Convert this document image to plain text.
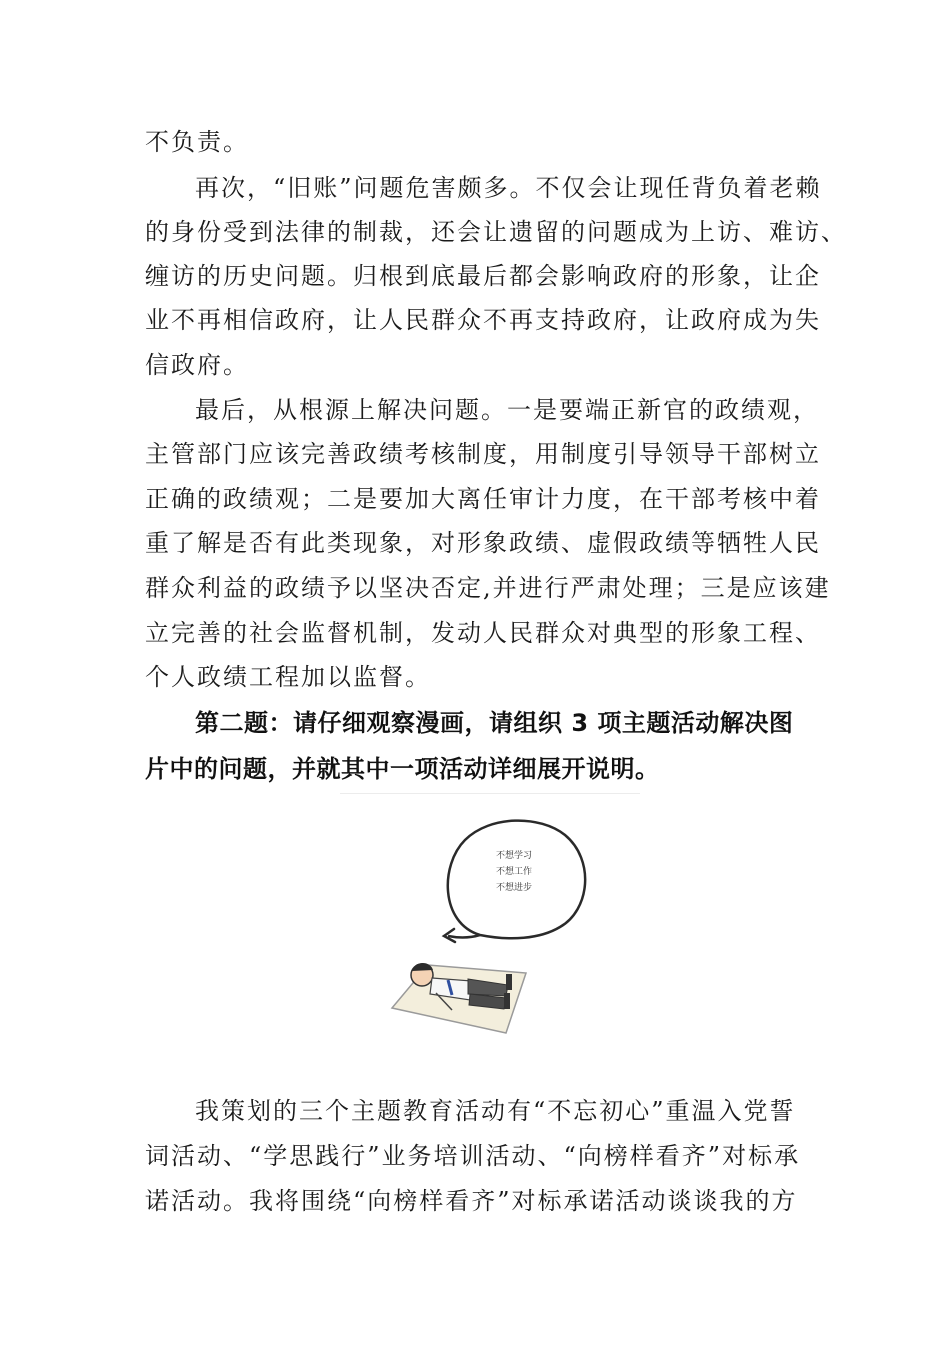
不负责。
再次，“旧账”问题危害颇多。不仅会让现任背负着老赖
的身份受到法律的制裁，还会让遗留的问题成为上访、难访、
缠访的历史问题。归根到底最后都会影响政府的形象，让企
业不再相信政府，让人民群众不再支持政府，让政府成为失
信政府。
最后，从根源上解决问题。一是要端正新官的政绩观，
主管部门应该完善政绩考核制度，用制度引导领导干部树立
正确的政绩观；二是要加大离任审计力度，在干部考核中着
重了解是否有此类现象，对形象政绩、虚假政绩等牺牲人民
群众利益的政绩予以坚决否定,并进行严肃处理；三是应该建
立完善的社会监督机制，发动人民群众对典型的形象工程、
个人政绩工程加以监督。
第二题：请仔细观察漫画，请组织 3 项主题活动解决图
片中的问题，并就其中一项活动详细展开说明。
不想学习
不想工作
不想进步
我策划的三个主题教育活动有“不忘初心”重温入党誓
词活动、“学思践行”业务培训活动、“向榜样看齐”对标承
诺活动。我将围绕“向榜样看齐”对标承诺活动谈谈我的方
